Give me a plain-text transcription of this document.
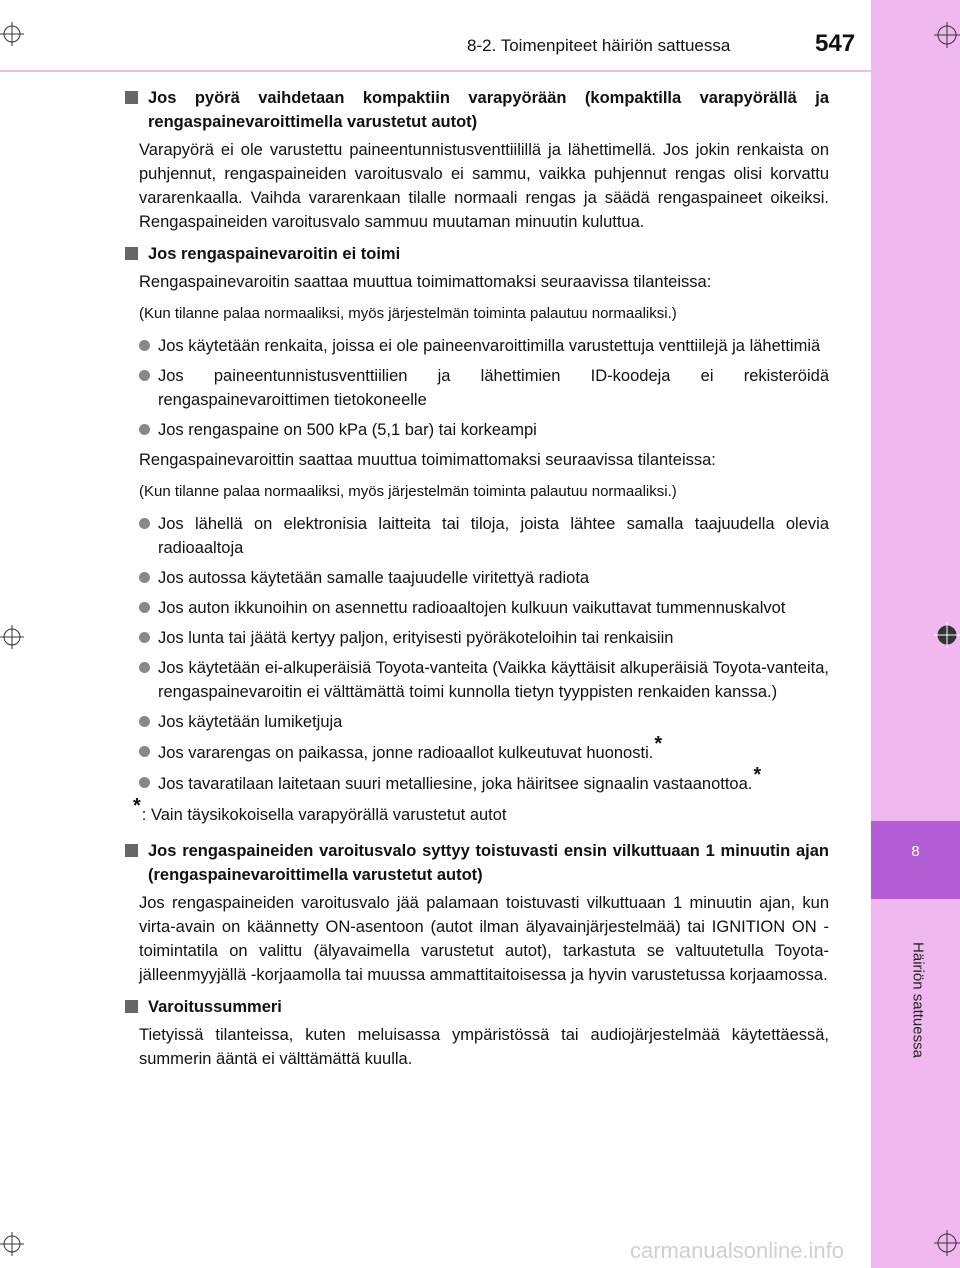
8
Häiriön sattuessa
8-2. Toimenpiteet häiriön sattuessa	547
Jos pyörä vaihdetaan kompaktiin varapyörään (kompaktilla varapyörällä ja rengaspainevaroittimella varustetut autot)
Varapyörä ei ole varustettu paineentunnistusventtiilillä ja lähettimellä. Jos jokin renkaista on puhjennut, rengaspaineiden varoitusvalo ei sammu, vaikka puhjennut rengas olisi korvattu vararenkaalla. Vaihda vararenkaan tilalle normaali rengas ja säädä rengaspaineet oikeiksi. Rengaspaineiden varoitusvalo sammuu muutaman minuutin kuluttua.
Jos rengaspainevaroitin ei toimi
Rengaspainevaroitin saattaa muuttua toimimattomaksi seuraavissa tilanteissa:
(Kun tilanne palaa normaaliksi, myös järjestelmän toiminta palautuu normaaliksi.)
Jos käytetään renkaita, joissa ei ole paineenvaroittimilla varustettuja venttiilejä ja lähettimiä
Jos paineentunnistusventtiilien ja lähettimien ID-koodeja ei rekisteröidä rengaspainevaroittimen tietokoneelle
Jos rengaspaine on 500 kPa (5,1 bar) tai korkeampi
Rengaspainevaroittin saattaa muuttua toimimattomaksi seuraavissa tilanteissa:
(Kun tilanne palaa normaaliksi, myös järjestelmän toiminta palautuu normaaliksi.)
Jos lähellä on elektronisia laitteita tai tiloja, joista lähtee samalla taajuudella olevia radioaaltoja
Jos autossa käytetään samalle taajuudelle viritettyä radiota
Jos auton ikkunoihin on asennettu radioaaltojen kulkuun vaikuttavat tummennuskalvot
Jos lunta tai jäätä kertyy paljon, erityisesti pyöräkoteloihin tai renkaisiin
Jos käytetään ei-alkuperäisiä Toyota-vanteita (Vaikka käyttäisit alkuperäisiä Toyota-vanteita, rengaspainevaroitin ei välttämättä toimi kunnolla tietyn tyyppisten renkaiden kanssa.)
Jos käytetään lumiketjuja
Jos vararengas on paikassa, jonne radioaallot kulkeutuvat huonosti.*
Jos tavaratilaan laitetaan suuri metalliesine, joka häiritsee signaalin vastaanottoa.*
*: Vain täysikokoisella varapyörällä varustetut autot
Jos rengaspaineiden varoitusvalo syttyy toistuvasti ensin vilkuttuaan 1 minuutin ajan (rengaspainevaroittimella varustetut autot)
Jos rengaspaineiden varoitusvalo jää palamaan toistuvasti vilkuttuaan 1 minuutin ajan, kun virta-avain on käännetty ON-asentoon (autot ilman älyavainjärjestelmää) tai IGNITION ON -toimintatila on valittu (älyavaimella varustetut autot), tarkastuta se valtuutetulla Toyota-jälleenmyyjällä -korjaamolla tai muussa ammattitaitoisessa ja hyvin varustetussa korjaamossa.
Varoitussummeri
Tietyissä tilanteissa, kuten meluisassa ympäristössä tai audiojärjestelmää käytettäessä, summerin ääntä ei välttämättä kuulla.
carmanualsonline.info
